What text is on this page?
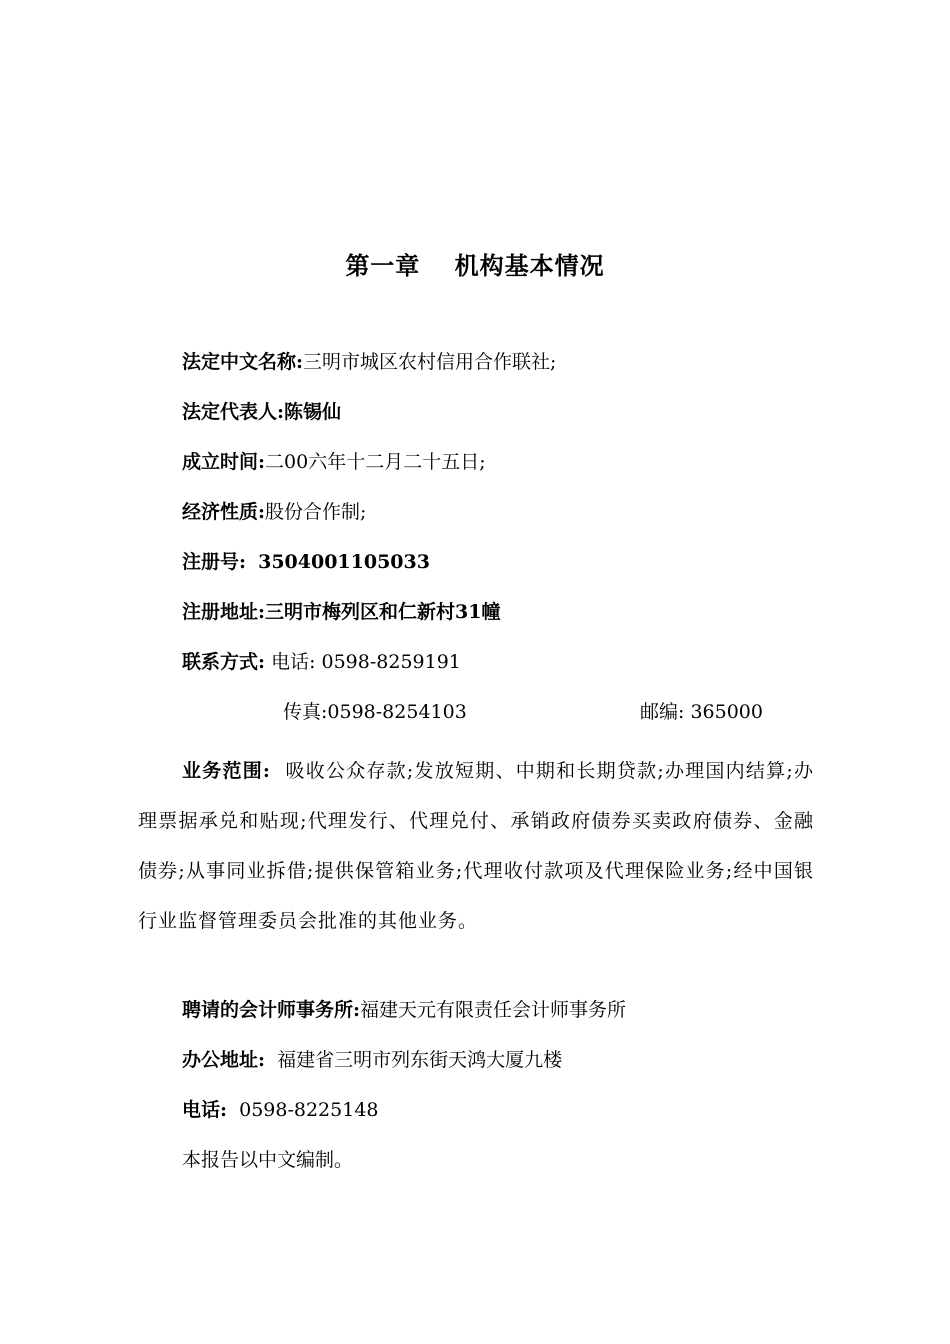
第一章　 机构基本情况
法定中文名称:三明市城区农村信用合作联社;
法定代表人:陈锡仙
成立时间:二00六年十二月二十五日;
经济性质:股份合作制;
注册号: 3504001105033
注册地址:三明市梅列区和仁新村31幢
联系方式: 电话: 0598-8259191
传真:0598-8254103	邮编: 365000

业务范围: 吸收公众存款;发放短期、中期和长期贷款;办理国内结算;办理票据承兑和贴现;代理发行、代理兑付、承销政府债券买卖政府债券、金融债券;从事同业拆借;提供保管箱业务;代理收付款项及代理保险业务;经中国银行业监督管理委员会批准的其他业务。

聘请的会计师事务所:福建天元有限责任会计师事务所
办公地址: 福建省三明市列东街天鸿大厦九楼
电话: 0598-8225148
本报告以中文编制。
